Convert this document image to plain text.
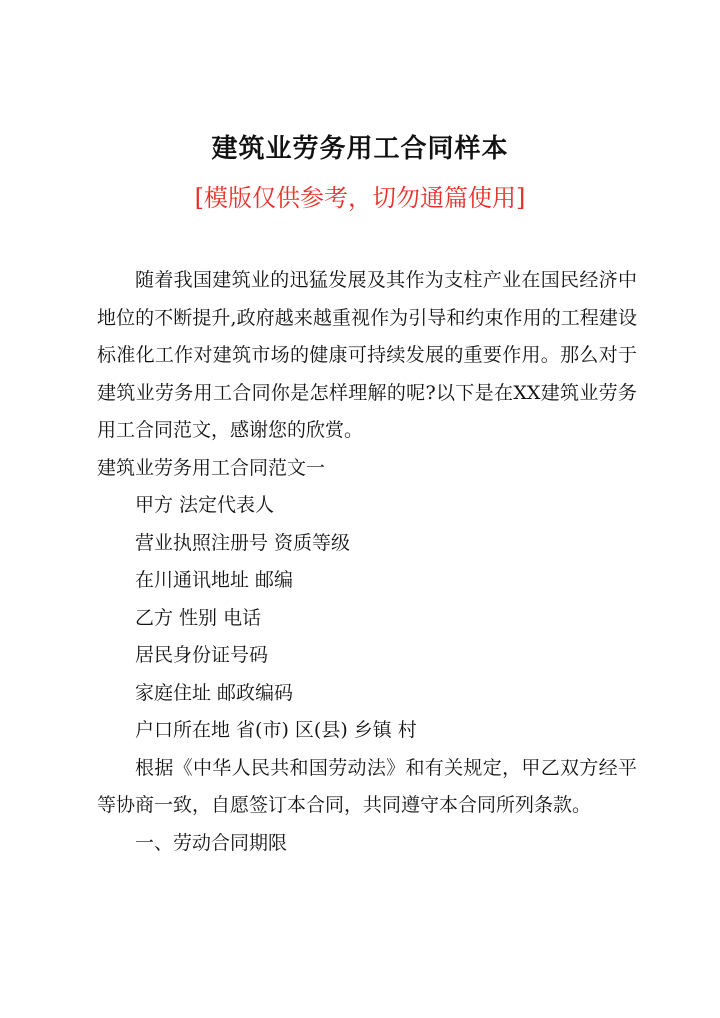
建筑业劳务用工合同样本
[模版仅供参考，切勿通篇使用]

随着我国建筑业的迅猛发展及其作为支柱产业在国民经济中地位的不断提升,政府越来越重视作为引导和约束作用的工程建设标准化工作对建筑市场的健康可持续发展的重要作用。那么对于建筑业劳务用工合同你是怎样理解的呢?以下是在XX建筑业劳务用工合同范文，感谢您的欣赏。

建筑业劳务用工合同范文一

甲方 法定代表人

营业执照注册号 资质等级

在川通讯地址 邮编

乙方 性别 电话

居民身份证号码

家庭住址 邮政编码

户口所在地 省(市) 区(县) 乡镇 村

根据《中华人民共和国劳动法》和有关规定，甲乙双方经平等协商一致，自愿签订本合同，共同遵守本合同所列条款。

一、劳动合同期限
